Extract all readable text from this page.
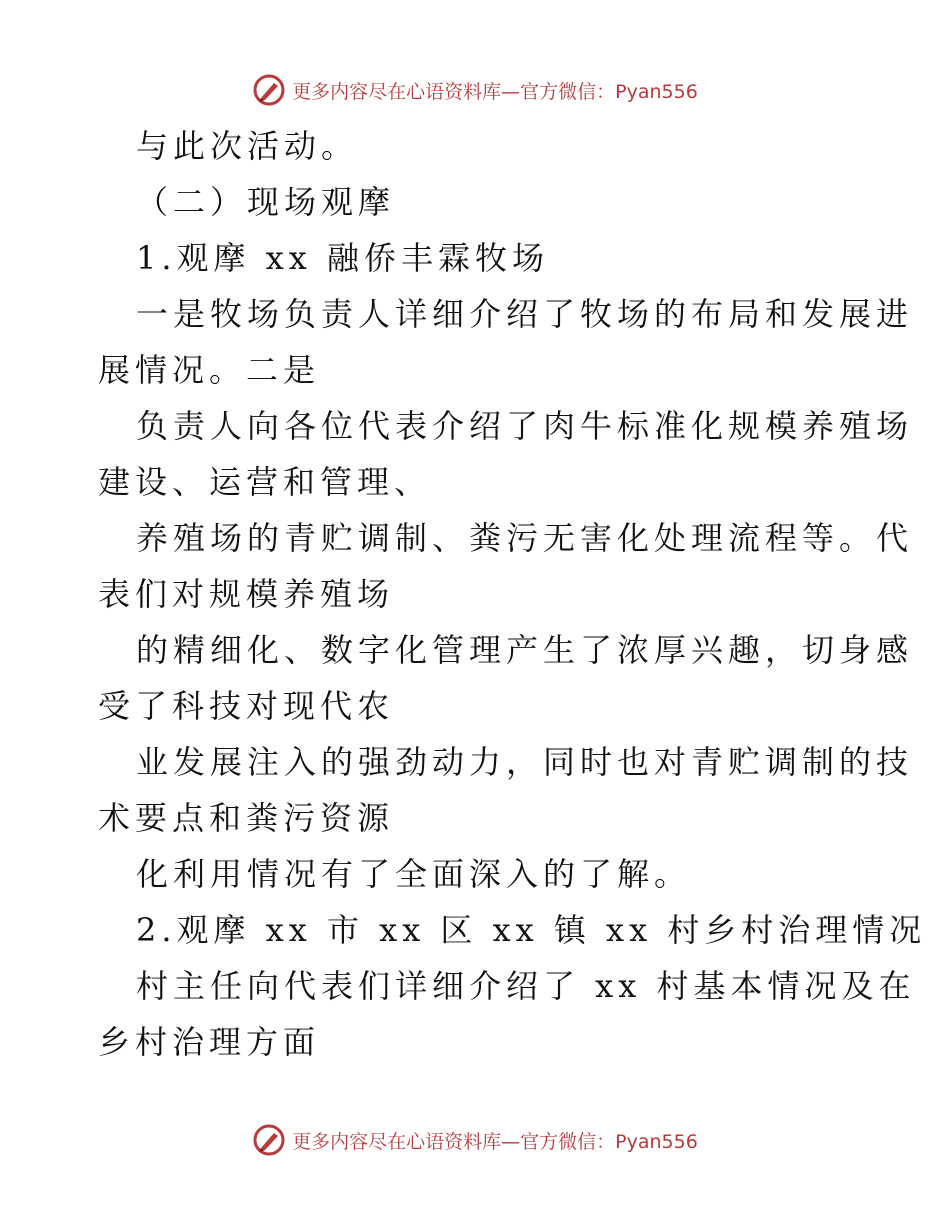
更多内容尽在心语资料库—官方微信：Pyan556

与此次活动。

（二）现场观摩

1.观摩 xx 融侨丰霖牧场

一是牧场负责人详细介绍了牧场的布局和发展进

展情况。二是

负责人向各位代表介绍了肉牛标准化规模养殖场

建设、运营和管理、

养殖场的青贮调制、粪污无害化处理流程等。代

表们对规模养殖场

的精细化、数字化管理产生了浓厚兴趣，切身感

受了科技对现代农

业发展注入的强劲动力，同时也对青贮调制的技

术要点和粪污资源

化利用情况有了全面深入的了解。

2.观摩 xx 市 xx 区 xx 镇 xx 村乡村治理情况

村主任向代表们详细介绍了 xx 村基本情况及在

乡村治理方面

更多内容尽在心语资料库—官方微信：Pyan556
